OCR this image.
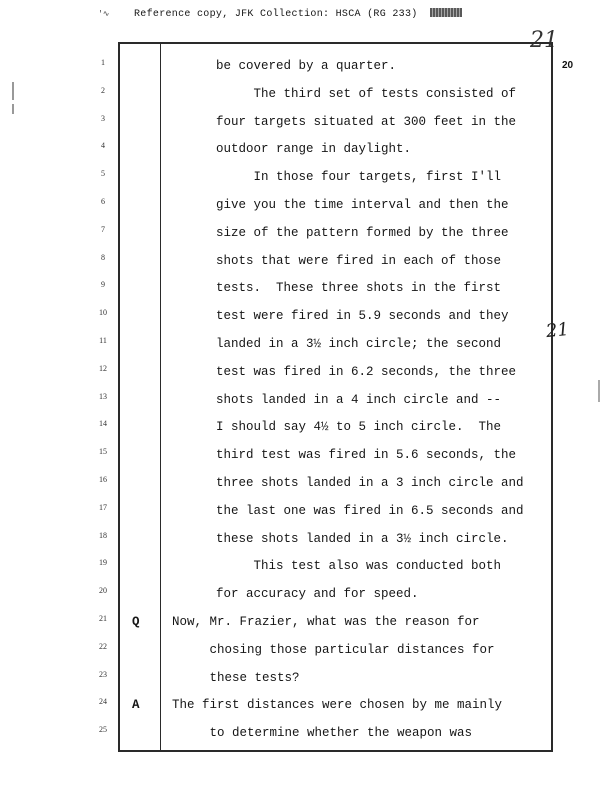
'∿ Reference copy, JFK Collection: HSCA (RG 233)
21
20
1
2
3
4
5
6
7
8
9
10
11
12
13
14
15
16
17
18
19
20
21
22
23
24
25
be covered by a quarter.
The third set of tests consisted of
four targets situated at 300 feet in the
outdoor range in daylight.
In those four targets, first I'll
give you the time interval and then the
size of the pattern formed by the three
shots that were fired in each of those
tests.  These three shots in the first
test were fired in 5.9 seconds and they
landed in a 3½ inch circle; the second
test was fired in 6.2 seconds, the three
shots landed in a 4 inch circle and --
I should say 4½ to 5 inch circle.  The
third test was fired in 5.6 seconds, the
three shots landed in a 3 inch circle and
the last one was fired in 6.5 seconds and
these shots landed in a 3½ inch circle.
This test also was conducted both
for accuracy and for speed.
Q	Now, Mr. Frazier, what was the reason for
chosing those particular distances for
these tests?
A	The first distances were chosen by me mainly
to determine whether the weapon was
21
